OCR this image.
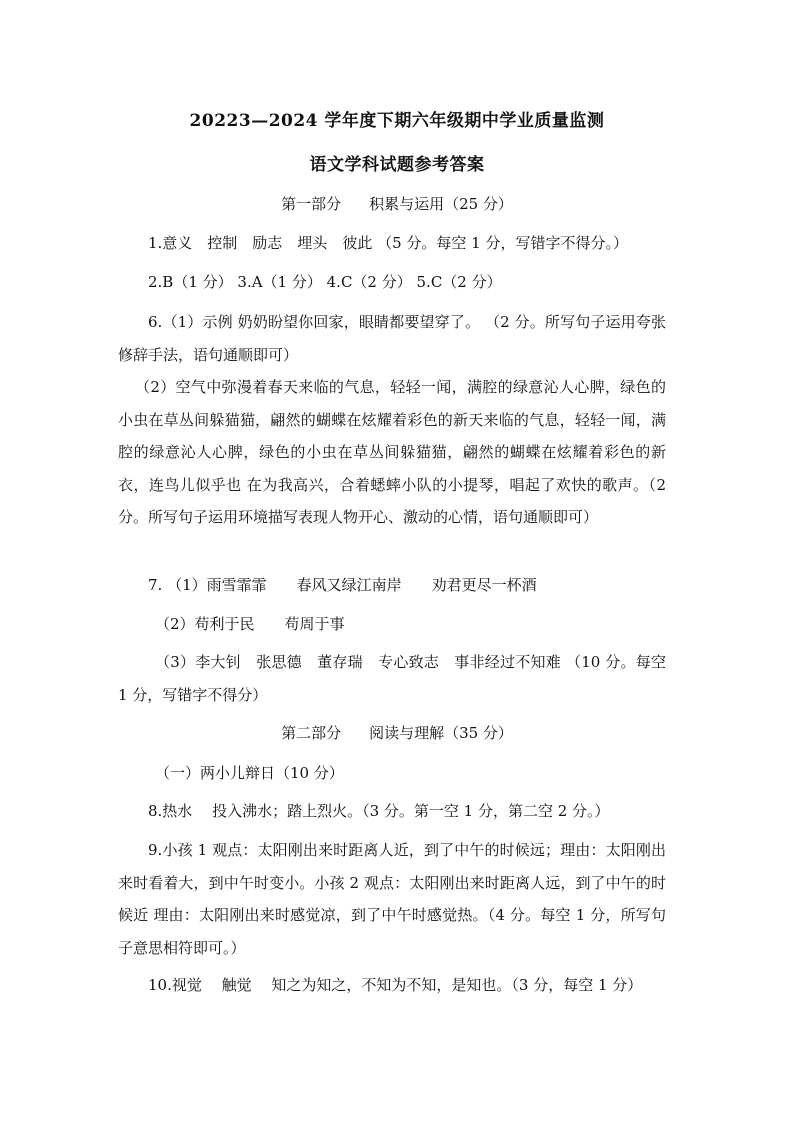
20223—2024 学年度下期六年级期中学业质量监测
语文学科试题参考答案
第一部分 积累与运用（25 分）
1.意义　控制　励志　埋头　彼此 （5 分。每空 1 分，写错字不得分。）
2.B（1 分） 3.A（1 分） 4.C（2 分） 5.C（2 分）
6.（1）示例 奶奶盼望你回家，眼睛都要望穿了。 （2 分。所写句子运用夸张修辞手法，语句通顺即可）
（2）空气中弥漫着春天来临的气息，轻轻一闻，满腔的绿意沁人心脾，绿色的小虫在草丛间躲猫猫，翩然的蝴蝶在炫耀着彩色的新天来临的气息，轻轻一闻，满腔的绿意沁人心脾，绿色的小虫在草丛间躲猫猫，翩然的蝴蝶在炫耀着彩色的新衣，连鸟儿似乎也 在为我高兴，合着蟋蟀小队的小提琴，唱起了欢快的歌声。（2 分。所写句子运用环境描写表现人物开心、激动的心情，语句通顺即可）
7. （1）雨雪霏霏　　春风又绿江南岸　　劝君更尽一杯酒
（2）苟利于民　　苟周于事
（3）李大钊　张思德　董存瑞　专心致志　事非经过不知难 （10 分。每空 1 分，写错字不得分）
第二部分 阅读与理解（35 分）
（一）两小儿辩日（10 分）
8.热水　 投入沸水；踏上烈火。（3 分。第一空 1 分，第二空 2 分。）
9.小孩 1 观点：太阳刚出来时距离人近，到了中午的时候远；理由：太阳刚出来时看着大，到中午时变小。小孩 2 观点：太阳刚出来时距离人远，到了中午的时候近 理由：太阳刚出来时感觉凉，到了中午时感觉热。（4 分。每空 1 分，所写句子意思相符即可。）
10.视觉　 触觉　 知之为知之，不知为不知，是知也。（3 分，每空 1 分）
